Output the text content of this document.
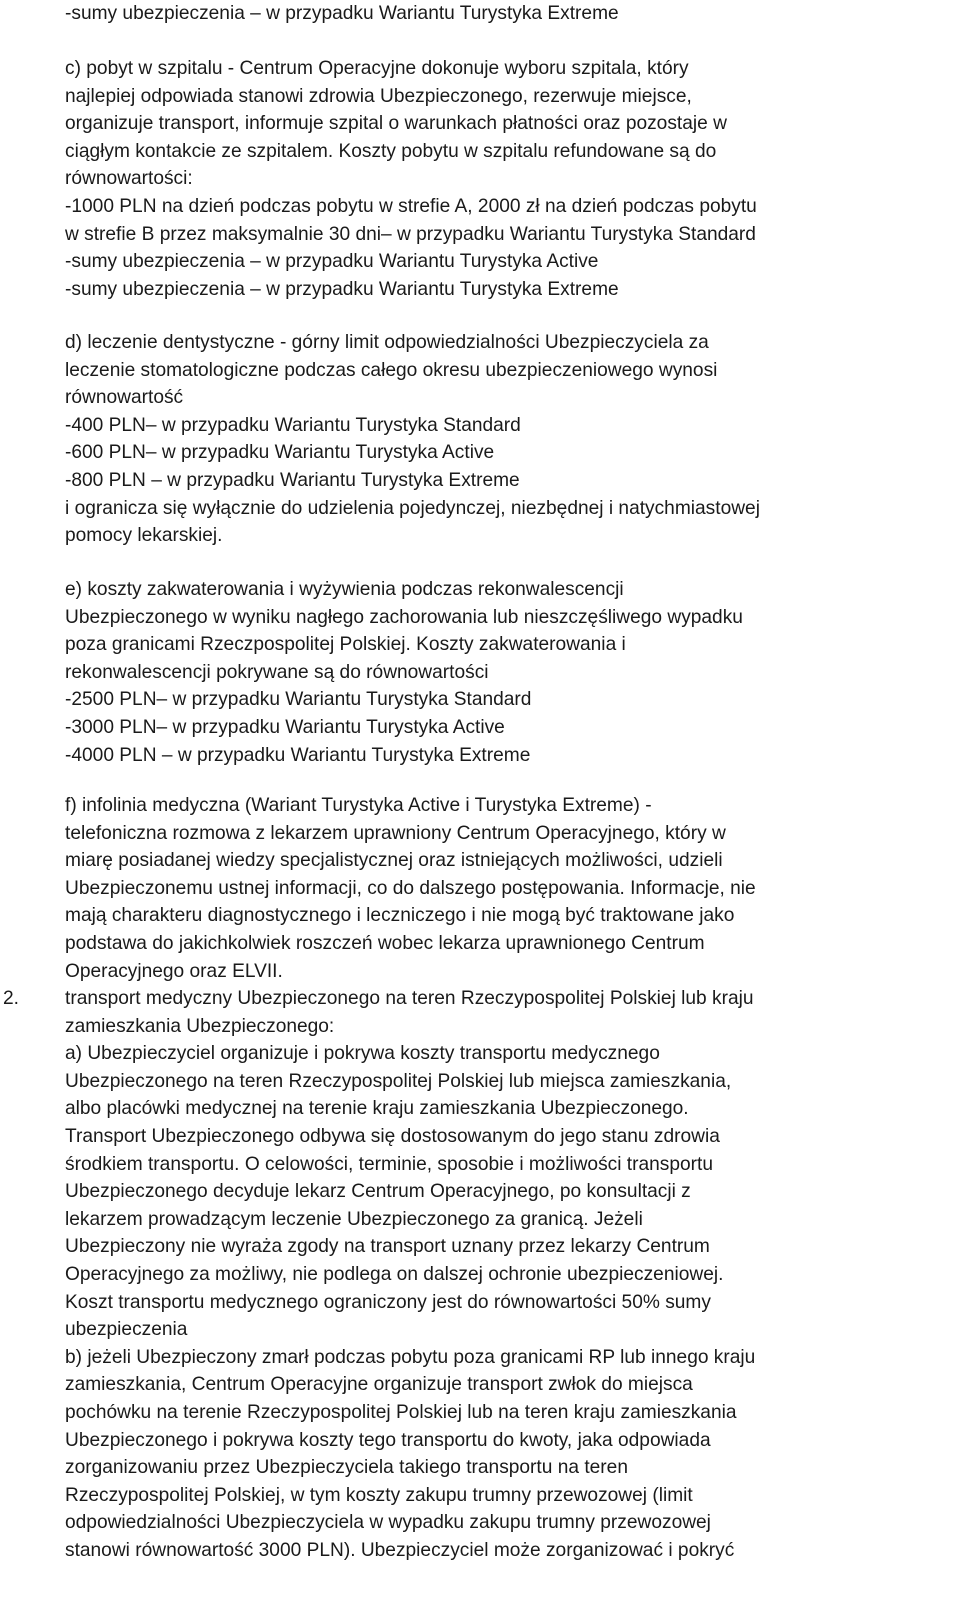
-sumy ubezpieczenia – w przypadku Wariantu Turystyka Extreme
c) pobyt w szpitalu - Centrum Operacyjne dokonuje wyboru szpitala, który
najlepiej odpowiada stanowi zdrowia Ubezpieczonego, rezerwuje miejsce,
organizuje transport, informuje szpital o warunkach płatności oraz pozostaje w
ciągłym kontakcie ze szpitalem. Koszty pobytu w szpitalu refundowane są do
równowartości:
-1000 PLN na dzień podczas pobytu w strefie A, 2000 zł na dzień podczas pobytu
w strefie B przez maksymalnie 30 dni– w przypadku Wariantu Turystyka Standard
-sumy ubezpieczenia – w przypadku Wariantu Turystyka Active
-sumy ubezpieczenia – w przypadku Wariantu Turystyka Extreme
d) leczenie dentystyczne - górny limit odpowiedzialności Ubezpieczyciela za
leczenie stomatologiczne podczas całego okresu ubezpieczeniowego wynosi
równowartość
-400 PLN– w przypadku Wariantu Turystyka Standard
-600 PLN– w przypadku Wariantu Turystyka Active
-800 PLN – w przypadku Wariantu Turystyka Extreme
i ogranicza się wyłącznie do udzielenia pojedynczej, niezbędnej i natychmiastowej
pomocy lekarskiej.
e) koszty zakwaterowania i wyżywienia podczas rekonwalescencji
Ubezpieczonego w wyniku nagłego zachorowania lub nieszczęśliwego wypadku
poza granicami Rzeczpospolitej Polskiej. Koszty zakwaterowania i
rekonwalescencji pokrywane są do równowartości
-2500 PLN– w przypadku Wariantu Turystyka Standard
-3000 PLN– w przypadku Wariantu Turystyka Active
-4000 PLN – w przypadku Wariantu Turystyka Extreme
f) infolinia medyczna (Wariant Turystyka Active i Turystyka Extreme) -
telefoniczna rozmowa z lekarzem uprawniony Centrum Operacyjnego, który w
miarę posiadanej wiedzy specjalistycznej oraz istniejących możliwości, udzieli
Ubezpieczonemu ustnej informacji, co do dalszego postępowania. Informacje, nie
mają charakteru diagnostycznego i leczniczego i nie mogą być traktowane jako
podstawa do jakichkolwiek roszczeń wobec lekarza uprawnionego Centrum
Operacyjnego oraz ELVII.
2. transport medyczny Ubezpieczonego na teren Rzeczypospolitej Polskiej lub kraju
zamieszkania Ubezpieczonego:
a) Ubezpieczyciel organizuje i pokrywa koszty transportu medycznego
Ubezpieczonego na teren Rzeczypospolitej Polskiej lub miejsca zamieszkania,
albo placówki medycznej na terenie kraju zamieszkania Ubezpieczonego.
Transport Ubezpieczonego odbywa się dostosowanym do jego stanu zdrowia
środkiem transportu. O celowości, terminie, sposobie i możliwości transportu
Ubezpieczonego decyduje lekarz Centrum Operacyjnego, po konsultacji z
lekarzem prowadzącym leczenie Ubezpieczonego za granicą. Jeżeli
Ubezpieczony nie wyraża zgody na transport uznany przez lekarzy Centrum
Operacyjnego za możliwy, nie podlega on dalszej ochronie ubezpieczeniowej.
Koszt transportu medycznego ograniczony jest do równowartości 50% sumy
ubezpieczenia
b) jeżeli Ubezpieczony zmarł podczas pobytu poza granicami RP lub innego kraju
zamieszkania, Centrum Operacyjne organizuje transport zwłok do miejsca
pochówku na terenie Rzeczypospolitej Polskiej lub na teren kraju zamieszkania
Ubezpieczonego i pokrywa koszty tego transportu do kwoty, jaka odpowiada
zorganizowaniu przez Ubezpieczyciela takiego transportu na teren
Rzeczypospolitej Polskiej, w tym koszty zakupu trumny przewozowej (limit
odpowiedzialności Ubezpieczyciela w wypadku zakupu trumny przewozowej
stanowi równowartość 3000 PLN). Ubezpieczyciel może zorganizować i pokryć
